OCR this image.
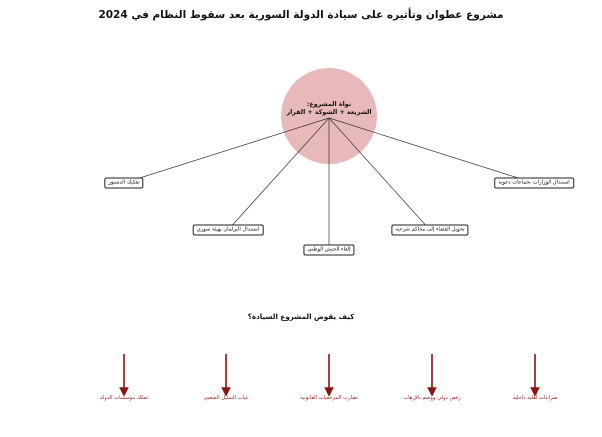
مشروع عطوان وتأثيره على سيادة الدولة السورية بعد سقوط النظام في 2024
نواة المشروع:
الشريعة + الشوكة + القرار
تفكيك الدستور
استبدال البرلمان بهيئة شورى
إلغاء الجيش الوطني
تحويل القضاء إلى محاكم شرعية
استبدال الوزارات بجماعات دعوية
كيف يقوض المشروع السيادة؟
تفكك مؤسسات الدولة	غياب التمثيل الشعبي	تضارب المرجعيات القانونية	رفض دولي ووصم بالإرهاب	صراعات أهلية داخلية
